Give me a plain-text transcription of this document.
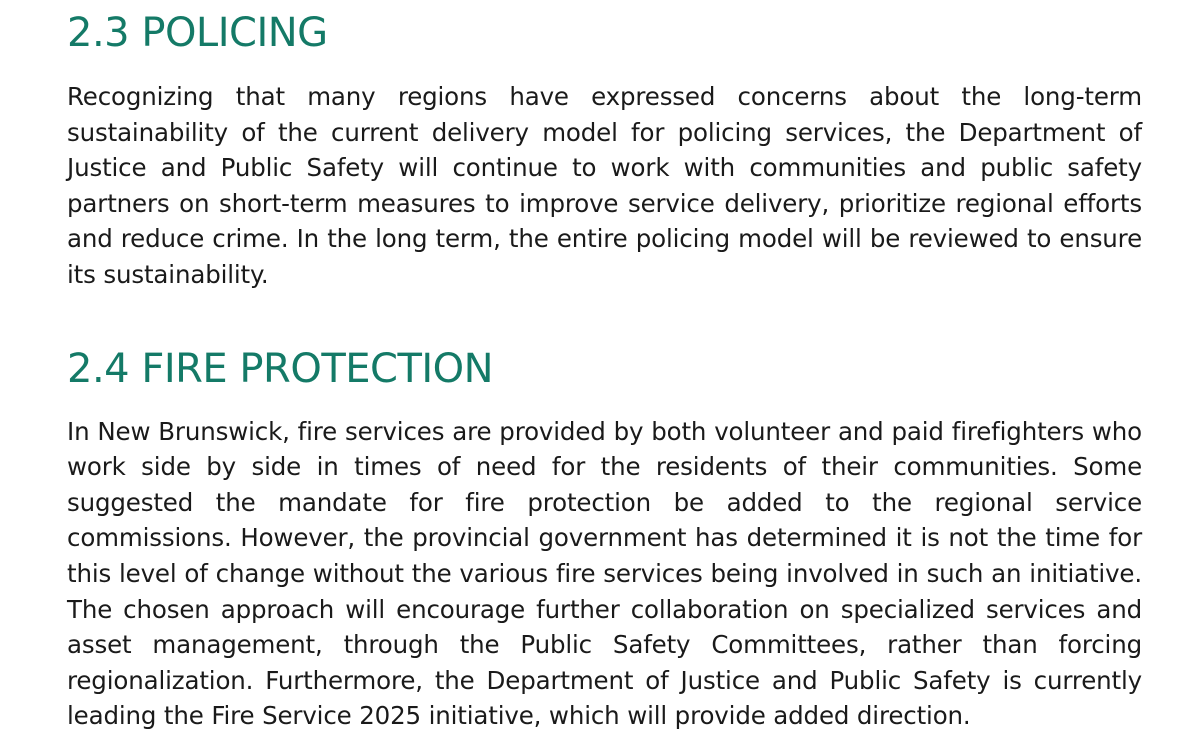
2.3 POLICING

Recognizing that many regions have expressed concerns about the long-term sustainability of the current delivery model for policing services, the Department of Justice and Public Safety will continue to work with communities and public safety partners on short-term measures to improve service delivery, prioritize regional efforts and reduce crime. In the long term, the entire policing model will be reviewed to ensure its sustainability.

2.4 FIRE PROTECTION

In New Brunswick, fire services are provided by both volunteer and paid firefighters who work side by side in times of need for the residents of their communities. Some suggested the mandate for fire protection be added to the regional service commissions. However, the provincial government has determined it is not the time for this level of change without the various fire services being involved in such an initiative. The chosen approach will encourage further collaboration on specialized services and asset management, through the Public Safety Committees, rather than forcing regionalization. Furthermore, the Department of Justice and Public Safety is currently leading the Fire Service 2025 initiative, which will provide added direction.
